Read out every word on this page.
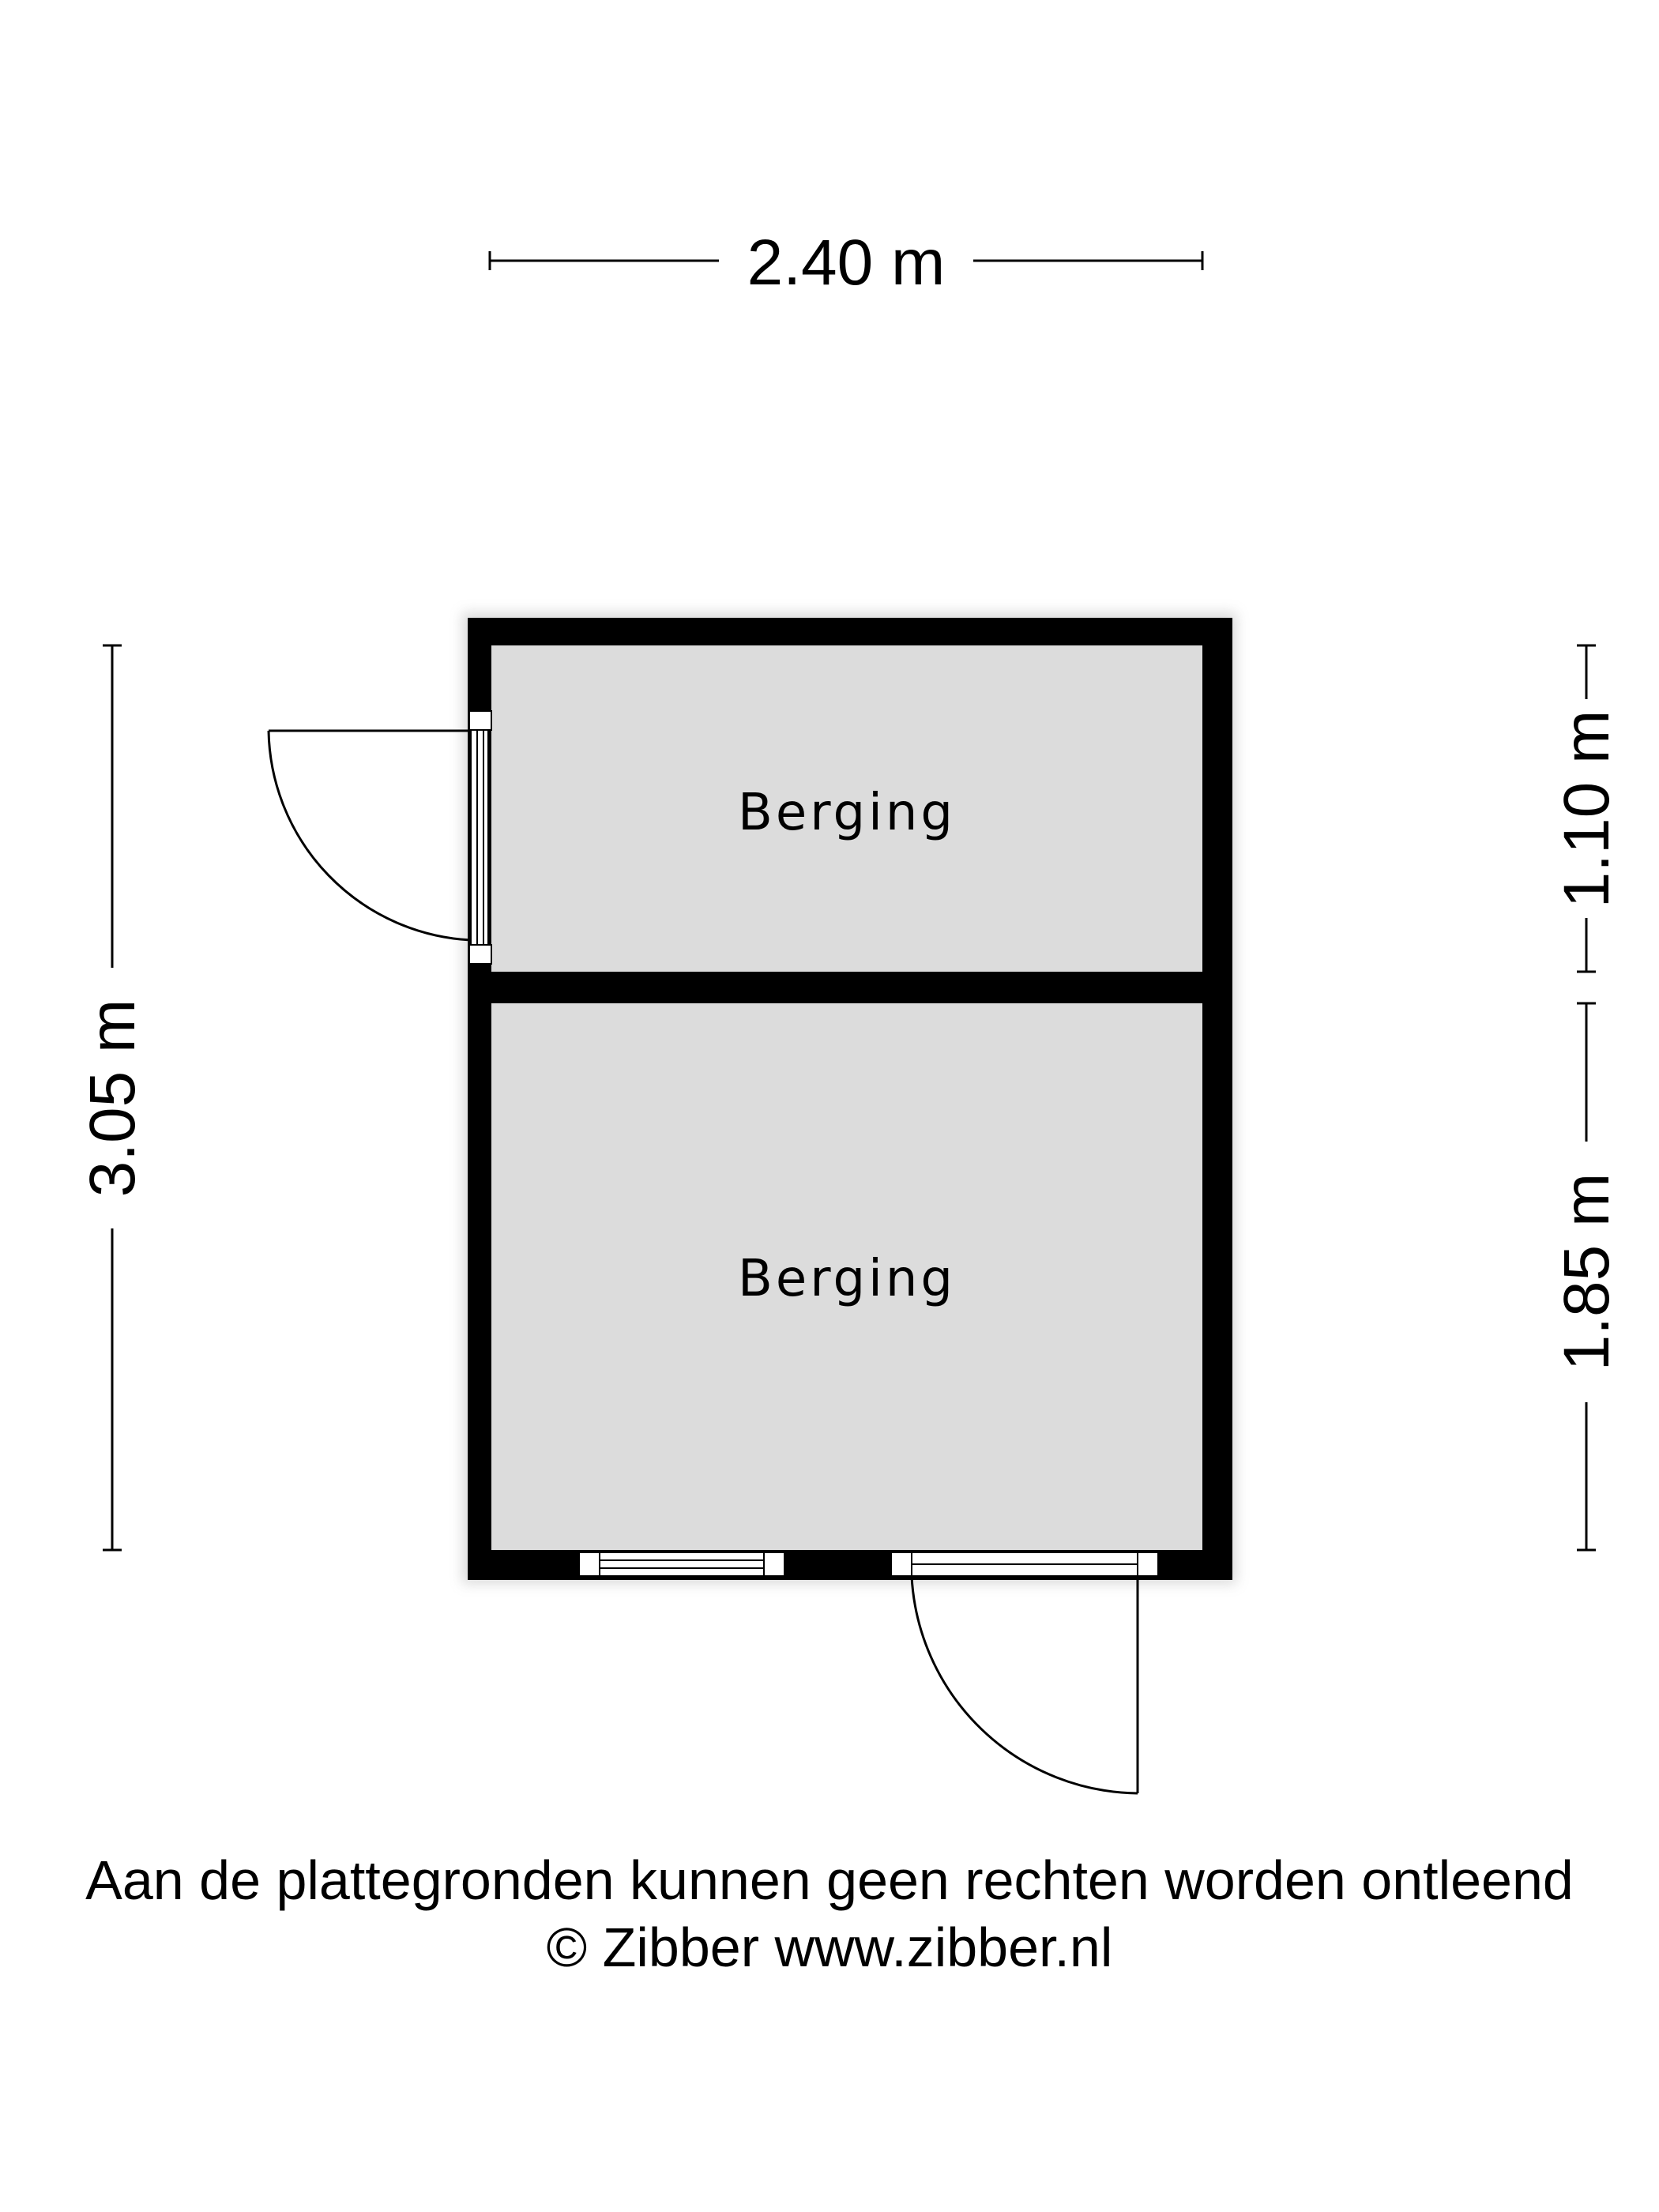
Berging
Berging
2.40 m
3.05 m
1.10 m
1.85 m
Aan de plattegronden kunnen geen rechten worden ontleend
© Zibber www.zibber.nl
